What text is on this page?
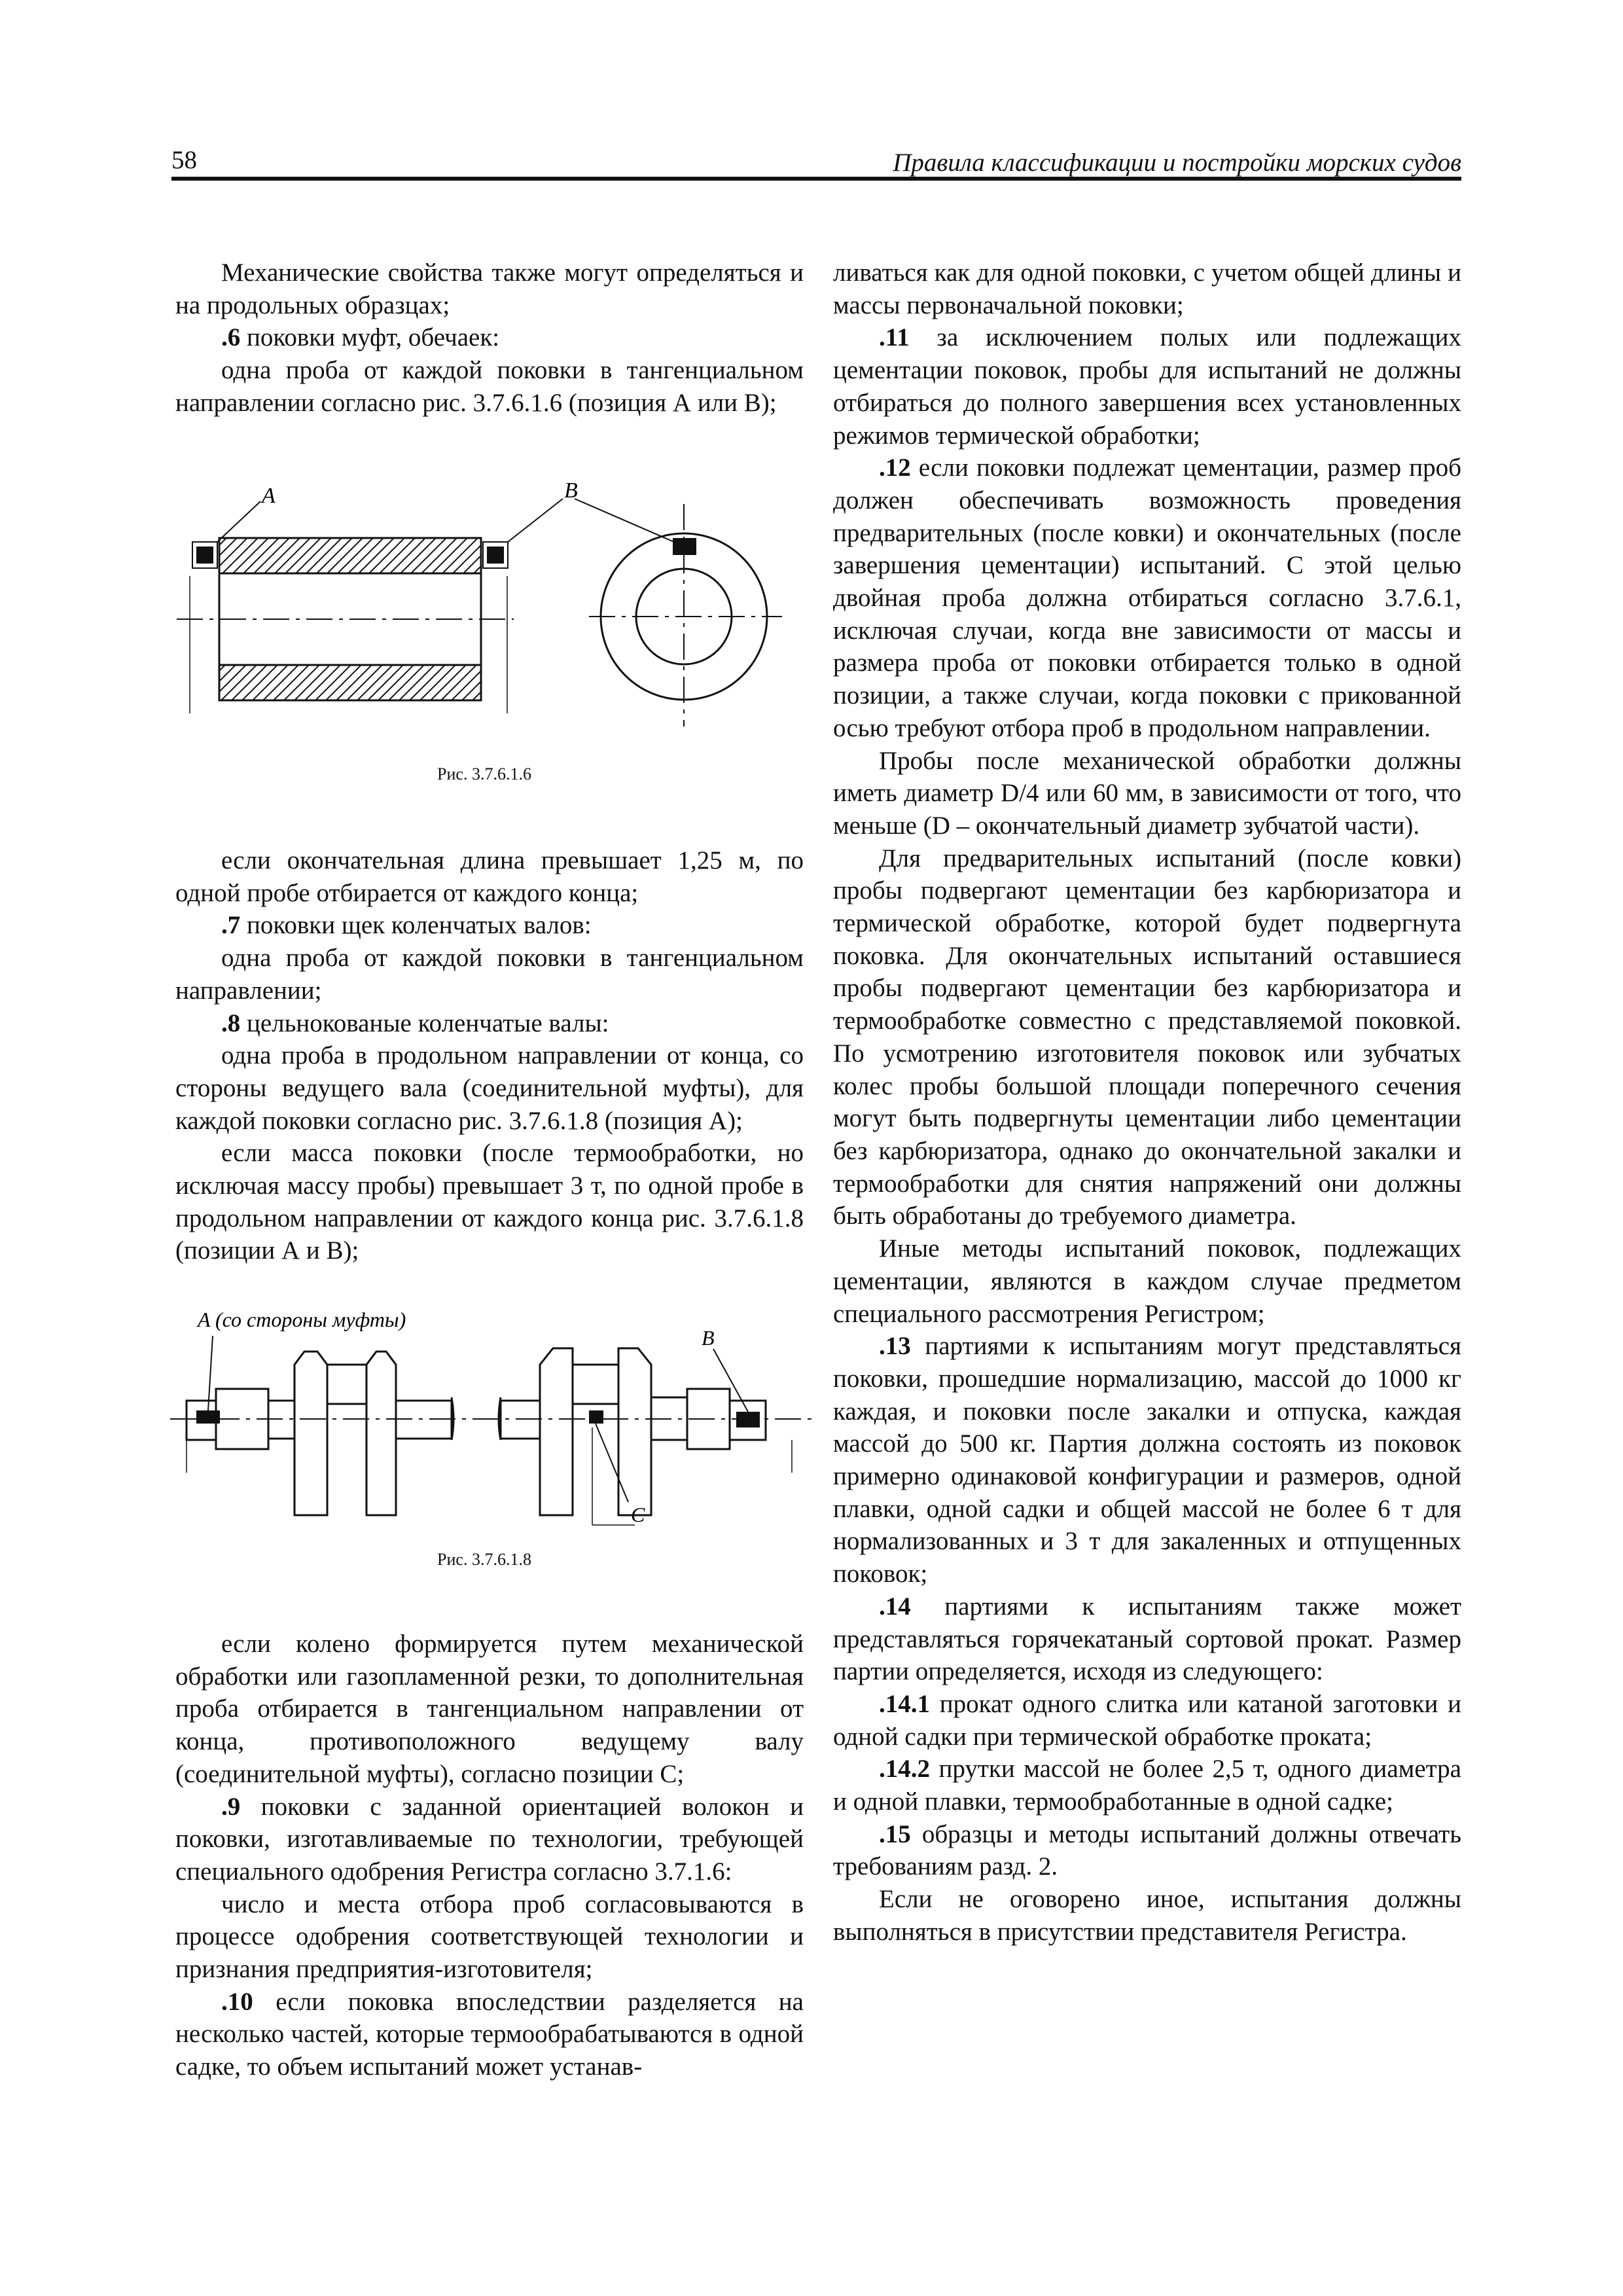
58	Правила классификации и постройки морских судов

Механические свойства также могут определяться и на продольных образцах;

.6 поковки муфт, обечаек:

одна проба от каждой поковки в тангенциальном направлении согласно рис. 3.7.6.1.6 (позиция А или В);

если окончательная длина превышает 1,25 м, по одной пробе отбирается от каждого конца;

.7 поковки щек коленчатых валов:

одна проба от каждой поковки в тангенциальном направлении;

.8 цельнокованые коленчатые валы:

одна проба в продольном направлении от конца, со стороны ведущего вала (соединительной муфты), для каждой поковки согласно рис. 3.7.6.1.8 (позиция А);

если масса поковки (после термообработки, но исключая массу пробы) превышает 3 т, по одной пробе в продольном направлении от каждого конца рис. 3.7.6.1.8 (позиции А и В);

если колено формируется путем механической обработки или газопламенной резки, то дополнительная проба отбирается в тангенциальном направлении от конца, противоположного ведущему валу (соединительной муфты), согласно позиции С;

.9 поковки с заданной ориентацией волокон и поковки, изготавливаемые по технологии, требующей специального одобрения Регистра согласно 3.7.1.6:

число и места отбора проб согласовываются в процессе одобрения соответствующей технологии и признания предприятия-изготовителя;

.10 если поковка впоследствии разделяется на несколько частей, которые термообрабатываются в одной садке, то объем испытаний может устанав-

ливаться как для одной поковки, с учетом общей длины и массы первоначальной поковки;

.11 за исключением полых или подлежащих цементации поковок, пробы для испытаний не должны отбираться до полного завершения всех установленных режимов термической обработки;

.12 если поковки подлежат цементации, размер проб должен обеспечивать возможность проведения предварительных (после ковки) и окончательных (после завершения цементации) испытаний. С этой целью двойная проба должна отбираться согласно 3.7.6.1, исключая случаи, когда вне зависимости от массы и размера проба от поковки отбирается только в одной позиции, а также случаи, когда поковки с прикованной осью требуют отбора проб в продольном направлении.

Пробы после механической обработки должны иметь диаметр D/4 или 60 мм, в зависимости от того, что меньше (D – окончательный диаметр зубчатой части).

Для предварительных испытаний (после ковки) пробы подвергают цементации без карбюризатора и термической обработке, которой будет подвергнута поковка. Для окончательных испытаний оставшиеся пробы подвергают цементации без карбюризатора и термообработке совместно с представляемой поковкой. По усмотрению изготовителя поковок или зубчатых колес пробы большой площади поперечного сечения могут быть подвергнуты цементации либо цементации без карбюризатора, однако до окончательной закалки и термообработки для снятия напряжений они должны быть обработаны до требуемого диаметра.

Иные методы испытаний поковок, подлежащих цементации, являются в каждом случае предметом специального рассмотрения Регистром;

.13 партиями к испытаниям могут представляться поковки, прошедшие нормализацию, массой до 1000 кг каждая, и поковки после закалки и отпуска, каждая массой до 500 кг. Партия должна состоять из поковок примерно одинаковой конфигурации и размеров, одной плавки, одной садки и общей массой не более 6 т для нормализованных и 3 т для закаленных и отпущенных поковок;

.14 партиями к испытаниям также может представляться горячекатаный сортовой прокат. Размер партии определяется, исходя из следующего:

.14.1 прокат одного слитка или катаной заготовки и одной садки при термической обработке проката;

.14.2 прутки массой не более 2,5 т, одного диаметра и одной плавки, термообработанные в одной садке;

.15 образцы и методы испытаний должны отвечать требованиям разд. 2.

Если не оговорено иное, испытания должны выполняться в присутствии представителя Регистра.

A	B
Рис. 3.7.6.1.6
A (со стороны муфты)
B
C
Рис. 3.7.6.1.8
